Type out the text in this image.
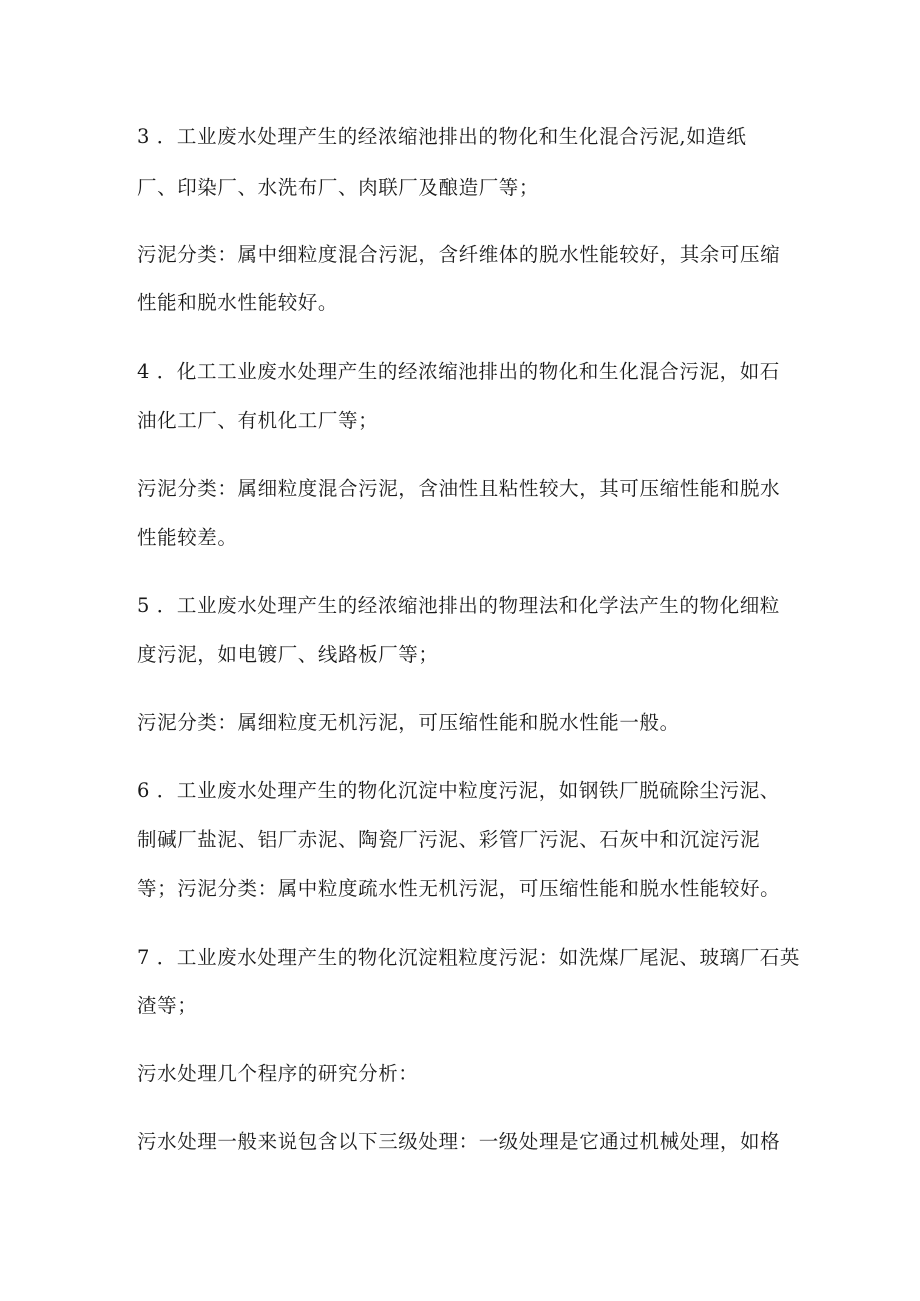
3 ．工业废水处理产生的经浓缩池排出的物化和生化混合污泥,如造纸
厂、印染厂、水洗布厂、肉联厂及酿造厂等；
污泥分类：属中细粒度混合污泥，含纤维体的脱水性能较好，其余可压缩
性能和脱水性能较好。
4 ．化工工业废水处理产生的经浓缩池排出的物化和生化混合污泥，如石
油化工厂、有机化工厂等；
污泥分类：属细粒度混合污泥，含油性且粘性较大，其可压缩性能和脱水
性能较差。
5 ．工业废水处理产生的经浓缩池排出的物理法和化学法产生的物化细粒
度污泥，如电镀厂、线路板厂等；
污泥分类：属细粒度无机污泥，可压缩性能和脱水性能一般。
6 ．工业废水处理产生的物化沉淀中粒度污泥，如钢铁厂脱硫除尘污泥、
制碱厂盐泥、铝厂赤泥、陶瓷厂污泥、彩管厂污泥、石灰中和沉淀污泥
等；污泥分类：属中粒度疏水性无机污泥，可压缩性能和脱水性能较好。
7 ．工业废水处理产生的物化沉淀粗粒度污泥：如洗煤厂尾泥、玻璃厂石英
渣等；
污水处理几个程序的研究分析：
污水处理一般来说包含以下三级处理：一级处理是它通过机械处理，如格
